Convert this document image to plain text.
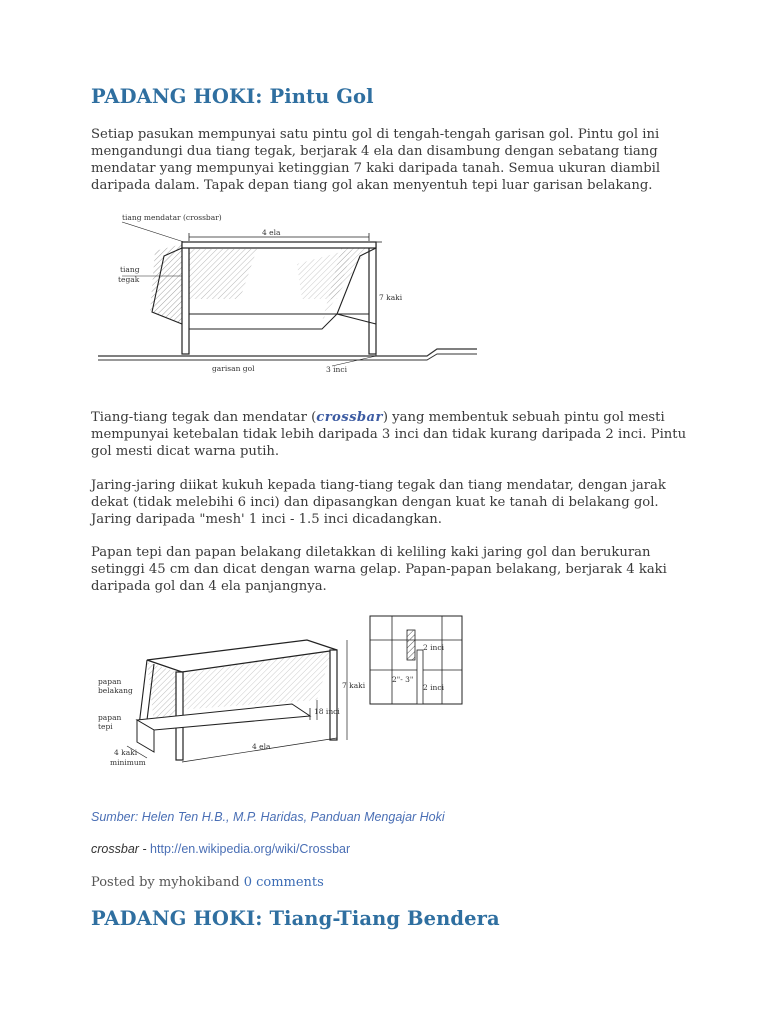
PADANG HOKI: Pintu Gol

Setiap pasukan mempunyai satu pintu gol di tengah-tengah garisan gol. Pintu gol ini mengandungi dua tiang tegak, berjarak 4 ela dan disambung dengan sebatang tiang mendatar yang mempunyai ketinggian 7 kaki daripada tanah. Semua ukuran diambil daripada dalam. Tapak depan tiang gol akan menyentuh tepi luar garisan belakang.

tiang mendatar (crossbar)
4 ela
tiang
tegak
7 kaki
garisan gol	3 inci

Tiang-tiang tegak dan mendatar (crossbar) yang membentuk sebuah pintu gol mesti mempunyai ketebalan tidak lebih daripada 3 inci dan tidak kurang daripada 2 inci. Pintu gol mesti dicat warna putih.

Jaring-jaring diikat kukuh kepada tiang-tiang tegak dan tiang mendatar, dengan jarak dekat (tidak melebihi 6 inci) dan dipasangkan dengan kuat ke tanah di belakang gol. Jaring daripada "mesh' 1 inci - 1.5 inci dicadangkan.

Papan tepi dan papan belakang diletakkan di keliling kaki jaring gol dan berukuran setinggi 45 cm dan dicat dengan warna gelap. Papan-papan belakang, berjarak 4 kaki daripada gol dan 4 ela panjangnya.

papan
belakang
papan
tepi
4 kaki
minimum
4 ela
18 inci
7 kaki
2 inci
2 inci
2"- 3"

Sumber: Helen Ten H.B., M.P. Haridas, Panduan Mengajar Hoki

crossbar - http://en.wikipedia.org/wiki/Crossbar

Posted by myhokiband 0 comments

PADANG HOKI: Tiang-Tiang Bendera
